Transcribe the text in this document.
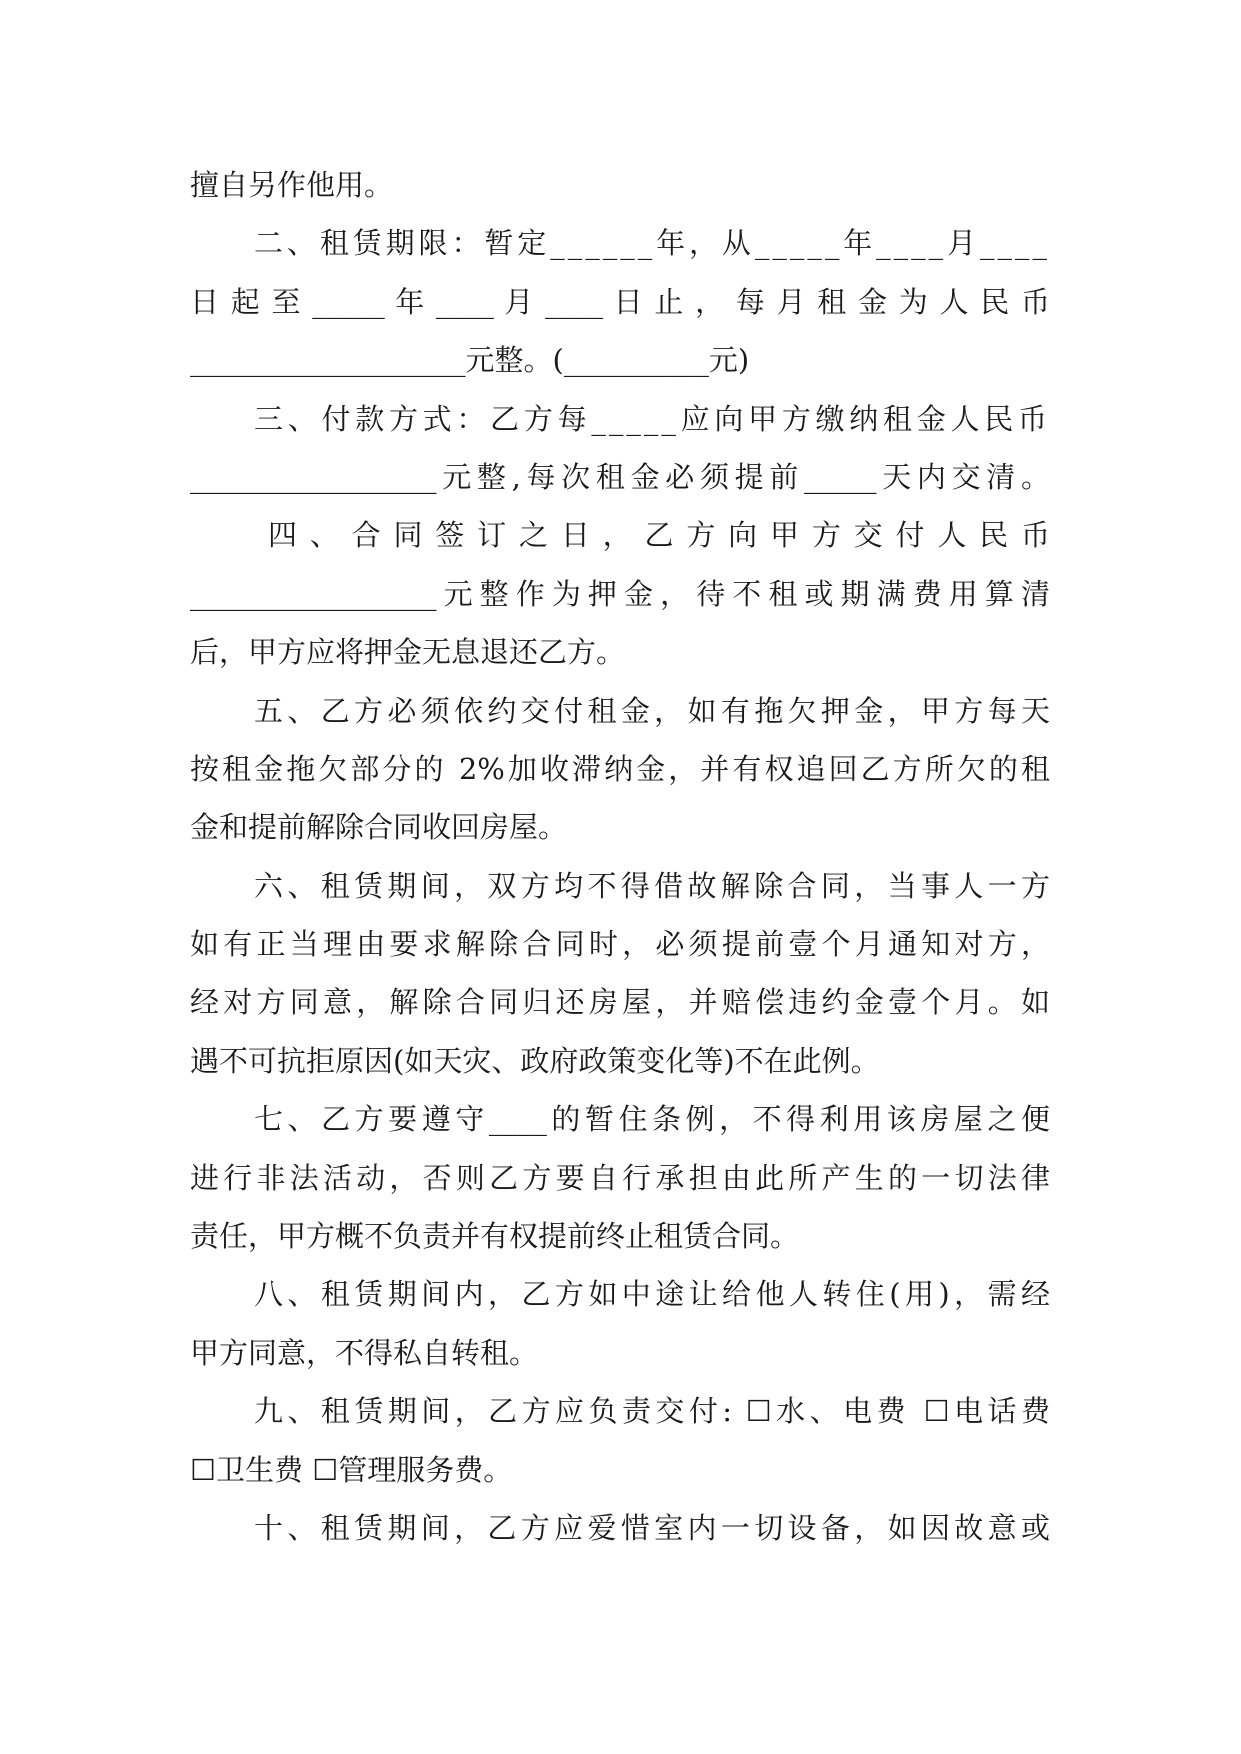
擅自另作他用。
二、租赁期限：暂定______年，从_____年____月____
日 起 至 _____ 年 ____ 月 ____ 日 止 ， 每 月 租 金 为 人 民 币
___________________元整。(__________元)
三、付款方式：乙方每_____应向甲方缴纳租金人民币
_________________元整,每次租金必须提前_____天内交清。
四 、 合 同 签 订 之 日 ， 乙 方 向 甲 方 交 付 人 民 币
_________________元整作为押金，待不租或期满费用算清
后，甲方应将押金无息退还乙方。
五、乙方必须依约交付租金，如有拖欠押金，甲方每天
按租金拖欠部分的 2%加收滞纳金，并有权追回乙方所欠的租
金和提前解除合同收回房屋。
六、租赁期间，双方均不得借故解除合同，当事人一方
如有正当理由要求解除合同时，必须提前壹个月通知对方，
经对方同意，解除合同归还房屋，并赔偿违约金壹个月。如
遇不可抗拒原因(如天灾、政府政策变化等)不在此例。
七、乙方要遵守____的暂住条例，不得利用该房屋之便
进行非法活动，否则乙方要自行承担由此所产生的一切法律
责任，甲方概不负责并有权提前终止租赁合同。
八、租赁期间内，乙方如中途让给他人转住(用)，需经
甲方同意，不得私自转租。
九、租赁期间，乙方应负责交付: ☐水、电费 ☐电话费
☐卫生费 ☐管理服务费。
十、租赁期间，乙方应爱惜室内一切设备，如因故意或
